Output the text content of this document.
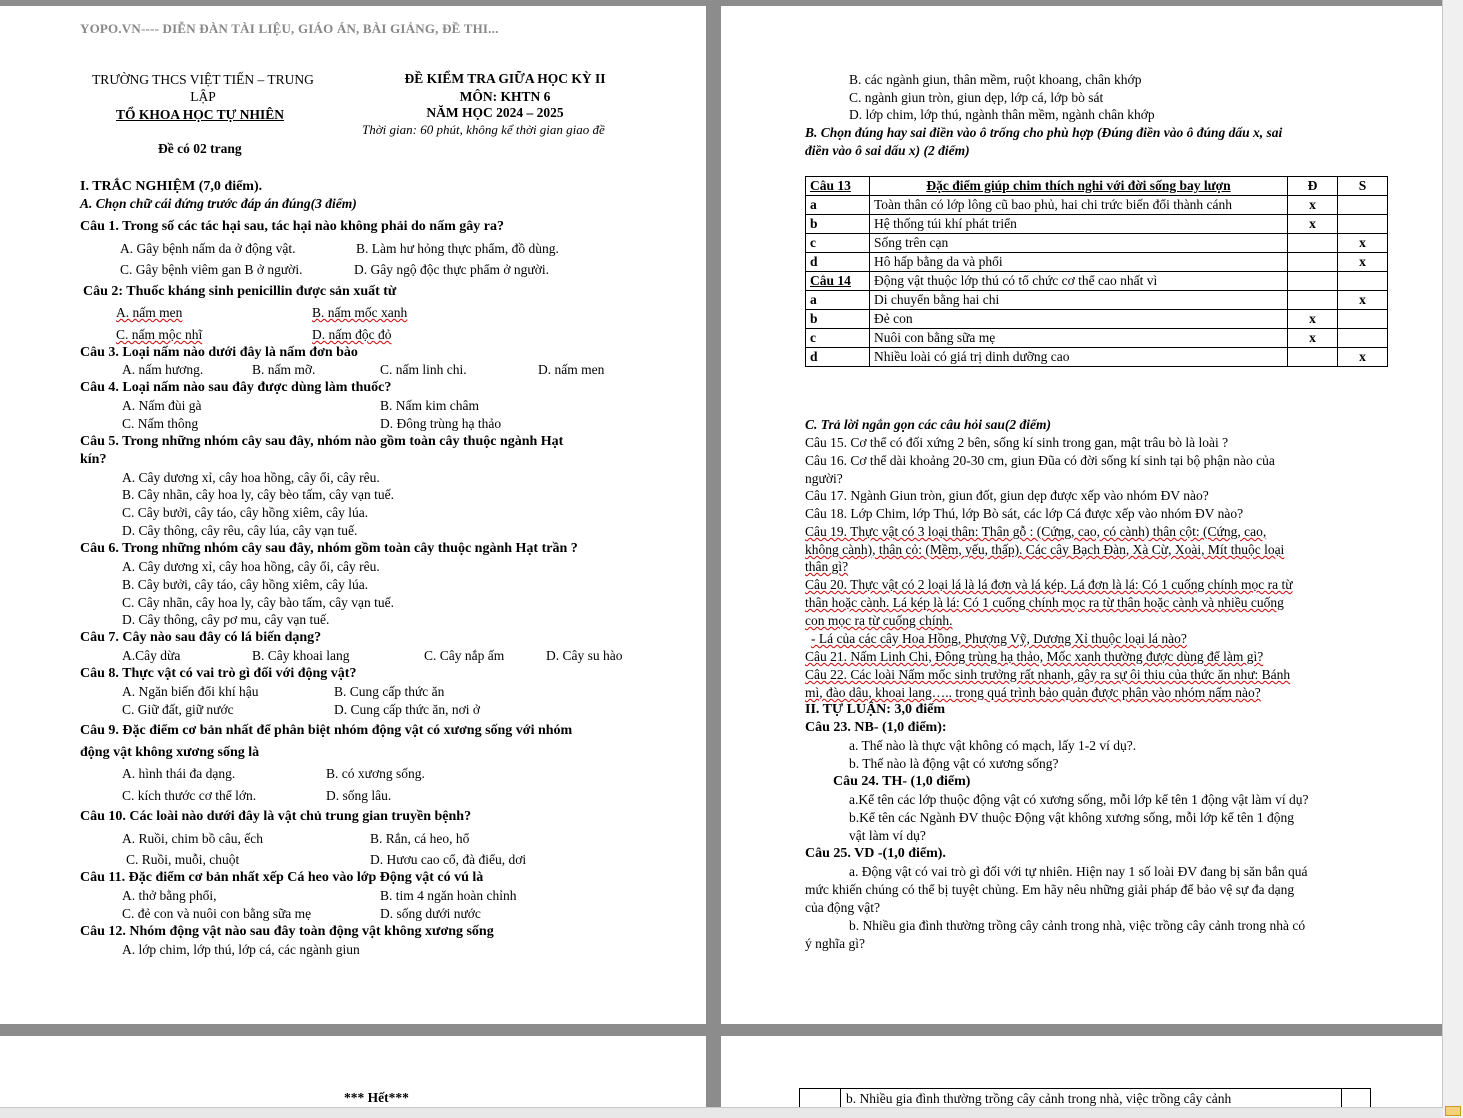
YOPO.VN---- DIỄN ĐÀN TÀI LIỆU, GIÁO ÁN, BÀI GIẢNG, ĐỀ THI...
TRƯỜNG THCS VIỆT TIẾN – TRUNG
LẬP
TỔ KHOA HỌC TỰ NHIÊN
Đề có 02 trang
ĐỀ KIỂM TRA GIỮA HỌC KỲ II
MÔN: KHTN 6
NĂM HỌC 2024 – 2025
Thời gian: 60 phút, không kể thời gian giao đề
I. TRẮC NGHIỆM (7,0 điểm).
A. Chọn chữ cái đứng trước đáp án đúng(3 điểm)
Câu 1. Trong số các tác hại sau, tác hại nào không phải do nấm gây ra?
A. Gây bệnh nấm da ở động vật.	B. Làm hư hỏng thực phẩm, đồ dùng.
C. Gây bệnh viêm gan B ở người.	D. Gây ngộ độc thực phẩm ở người.
Câu 2: Thuốc kháng sinh penicillin được sản xuất từ
A. nấm men	B. nấm mốc xanh
C. nấm mộc nhĩ	D. nấm độc đỏ
Câu 3. Loại nấm nào dưới đây là nấm đơn bào
A. nấm hương.	B. nấm mỡ.	C. nấm linh chi.	D. nấm men
Câu 4. Loại nấm nào sau đây được dùng làm thuốc?
A. Nấm đùi gà	B. Nấm kim châm
C. Nấm thông	D. Đông trùng hạ thảo
Câu 5. Trong những nhóm cây sau đây, nhóm nào gồm toàn cây thuộc ngành Hạt
kín?
A. Cây dương xỉ, cây hoa hồng, cây ổi, cây rêu.
B. Cây nhãn, cây hoa ly, cây bèo tấm, cây vạn tuế.
C. Cây bưởi, cây táo, cây hồng xiêm, cây lúa.
D. Cây thông, cây rêu, cây lúa, cây vạn tuế.
Câu 6. Trong những nhóm cây sau đây, nhóm gồm toàn cây thuộc ngành Hạt trần ?
A. Cây dương xỉ, cây hoa hồng, cây ổi, cây rêu.
B. Cây bưởi, cây táo, cây hồng xiêm, cây lúa.
C. Cây nhãn, cây hoa ly, cây bào tấm, cây vạn tuế.
D. Cây thông, cây pơ mu, cây vạn tuế.
Câu 7. Cây nào sau đây có lá biến dạng?
A.Cây dừa	B. Cây khoai lang	C. Cây nắp ấm	D. Cây su hào
Câu 8. Thực vật có vai trò gì đối với động vật?
A. Ngăn biến đổi khí hậu	B. Cung cấp thức ăn
C. Giữ đất, giữ nước	D. Cung cấp thức ăn, nơi ở
Câu 9. Đặc điểm cơ bản nhất để phân biệt nhóm động vật có xương sống với nhóm
động vật không xương sống là
A. hình thái đa dạng.	B. có xương sống.
C. kích thước cơ thể lớn.	D. sống lâu.
Câu 10. Các loài nào dưới đây là vật chủ trung gian truyền bệnh?
A. Ruồi, chim bồ câu, ếch	B. Rắn, cá heo, hổ
C. Ruồi, muỗi, chuột	D. Hươu cao cổ, đà điểu, dơi
Câu 11. Đặc điểm cơ bản nhất xếp Cá heo vào lớp Động vật có vú là
A. thở bằng phổi,	B. tim 4 ngăn hoàn chỉnh
C. đẻ con và nuôi con bằng sữa mẹ	D. sống dưới nước
Câu 12. Nhóm động vật nào sau đây toàn động vật không xương sống
A. lớp chim, lớp thú, lớp cá, các ngành giun
B. các ngành giun, thân mềm, ruột khoang, chân khớp
C. ngành giun tròn, giun dẹp, lớp cá, lớp bò sát
D. lớp chim, lớp thú, ngành thân mềm, ngành chân khớp
B. Chọn đúng hay sai điền vào ô trống cho phù hợp (Đúng điền vào ô đúng dấu x, sai
điền vào ô sai dấu x) (2 điểm)
Câu 13	Đặc điểm giúp chim thích nghi với đời sống bay lượn	Đ	S
a	Toàn thân có lớp lông cũ bao phủ, hai chi trức biến đổi thành cánh	x	
b	Hệ thống túi khí phát triển	x	
c	Sống trên cạn		x
d	Hô hấp bằng da và phổi		x
Câu 14	Động vật thuộc lớp thú có tổ chức cơ thể cao nhất vì		
a	Di chuyển bằng hai chi		x
b	Đẻ con	x	
c	Nuôi con bằng sữa mẹ	x	
d	Nhiều loài có giá trị dinh dưỡng cao		x
C. Trả lời ngắn gọn các câu hỏi sau(2 điểm)
Câu 15. Cơ thể có đối xứng 2 bên, sống kí sinh trong gan, mật trâu bò là loài ?
Câu 16. Cơ thể dài khoảng 20-30 cm, giun Đũa có đời sống kí sinh tại bộ phận nào của
người?
Câu 17. Ngành Giun tròn, giun đốt, giun dẹp được xếp vào nhóm ĐV nào?
Câu 18. Lớp Chim, lớp Thú, lớp Bò sát, các lớp Cá được xếp vào nhóm ĐV nào?
Câu 19. Thực vật có 3 loại thân: Thân gỗ : (Cứng, cao, có cành) thân cột: (Cứng, cao,
không cành), thân cỏ: (Mềm, yếu, thấp). Các cây Bạch Đàn, Xà Cừ, Xoài, Mít thuộc loại
thân gì?
Câu 20. Thực vật có 2 loại lá là lá đơn và lá kép. Lá đơn là lá: Có 1 cuống chính mọc ra từ
thân hoặc cành. Lá kép là lá: Có 1 cuống chính mọc ra từ thân hoặc cành và nhiều cuống
con mọc ra từ cuống chính.
- Lá của các cây Hoa Hồng, Phượng Vỹ, Dương Xỉ thuộc loại lá nào?
Câu 21. Nấm Linh Chi, Đông trùng hạ thảo, Mốc xanh thường được dùng để làm gì?
Câu 22. Các loài Nấm mốc sinh trưởng rất nhanh, gây ra sự ôi thiu của thức ăn như: Bánh
mì, đào dâu, khoai lang….. trong quá trình bảo quản được phân vào nhóm nấm nào?
II. TỰ LUẬN: 3,0 điểm
Câu 23. NB- (1,0 điểm):
a. Thế nào là thực vật không có mạch, lấy 1-2 ví dụ?.
b. Thế nào là động vật có xương sống?
Câu 24. TH- (1,0 điểm)
a.Kể tên các lớp thuộc động vật có xương sống, mỗi lớp kể tên 1 động vật làm ví dụ?
b.Kể tên các Ngành ĐV thuộc Động vật không xương sống, mỗi lớp kể tên 1 động
vật làm ví dụ?
Câu 25. VD -(1,0 điểm).
a. Động vật có vai trò gì đối với tự nhiên. Hiện nay 1 số loài ĐV đang bị săn bắn quá
mức khiến chúng có thể bị tuyệt chủng. Em hãy nêu những giải pháp để bảo vệ sự đa dạng
của động vật?
b. Nhiều gia đình thường trồng cây cảnh trong nhà, việc trồng cây cảnh trong nhà có
ý nghĩa gì?
*** Hết***	b. Nhiều gia đình thường trồng cây cảnh trong nhà, việc trồng cây cảnh
